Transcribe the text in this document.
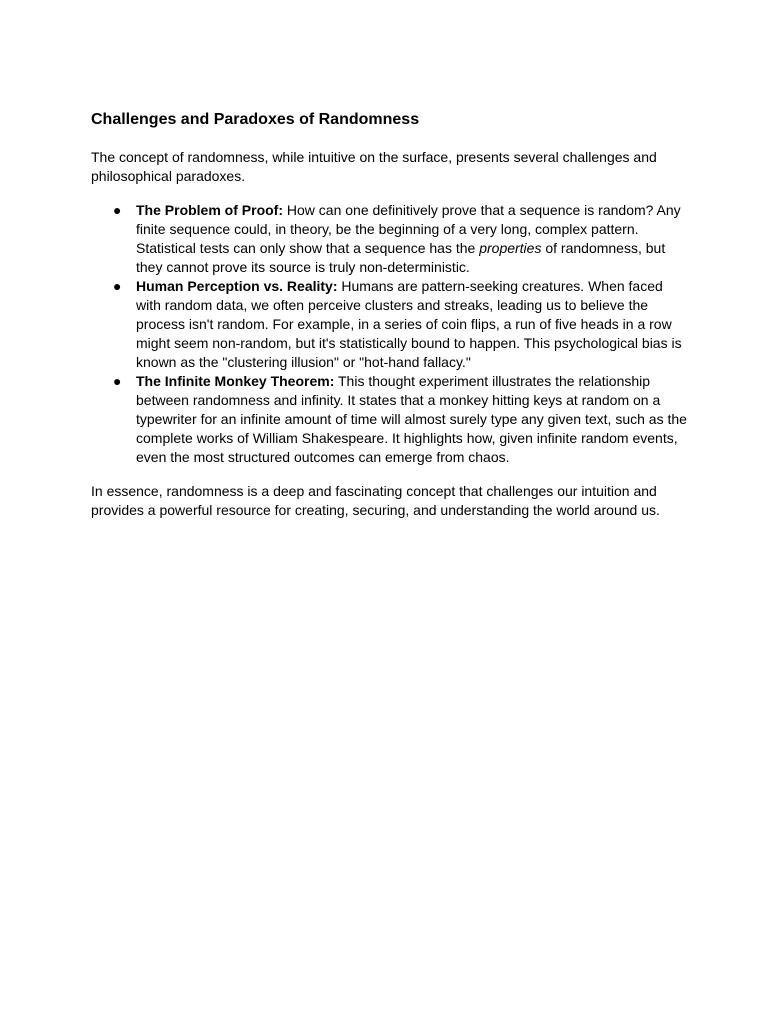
Challenges and Paradoxes of Randomness

The concept of randomness, while intuitive on the surface, presents several challenges and philosophical paradoxes.

● The Problem of Proof: How can one definitively prove that a sequence is random? Any finite sequence could, in theory, be the beginning of a very long, complex pattern. Statistical tests can only show that a sequence has the properties of randomness, but they cannot prove its source is truly non-deterministic.
● Human Perception vs. Reality: Humans are pattern-seeking creatures. When faced with random data, we often perceive clusters and streaks, leading us to believe the process isn't random. For example, in a series of coin flips, a run of five heads in a row might seem non-random, but it's statistically bound to happen. This psychological bias is known as the "clustering illusion" or "hot-hand fallacy."
● The Infinite Monkey Theorem: This thought experiment illustrates the relationship between randomness and infinity. It states that a monkey hitting keys at random on a typewriter for an infinite amount of time will almost surely type any given text, such as the complete works of William Shakespeare. It highlights how, given infinite random events, even the most structured outcomes can emerge from chaos.

In essence, randomness is a deep and fascinating concept that challenges our intuition and provides a powerful resource for creating, securing, and understanding the world around us.
